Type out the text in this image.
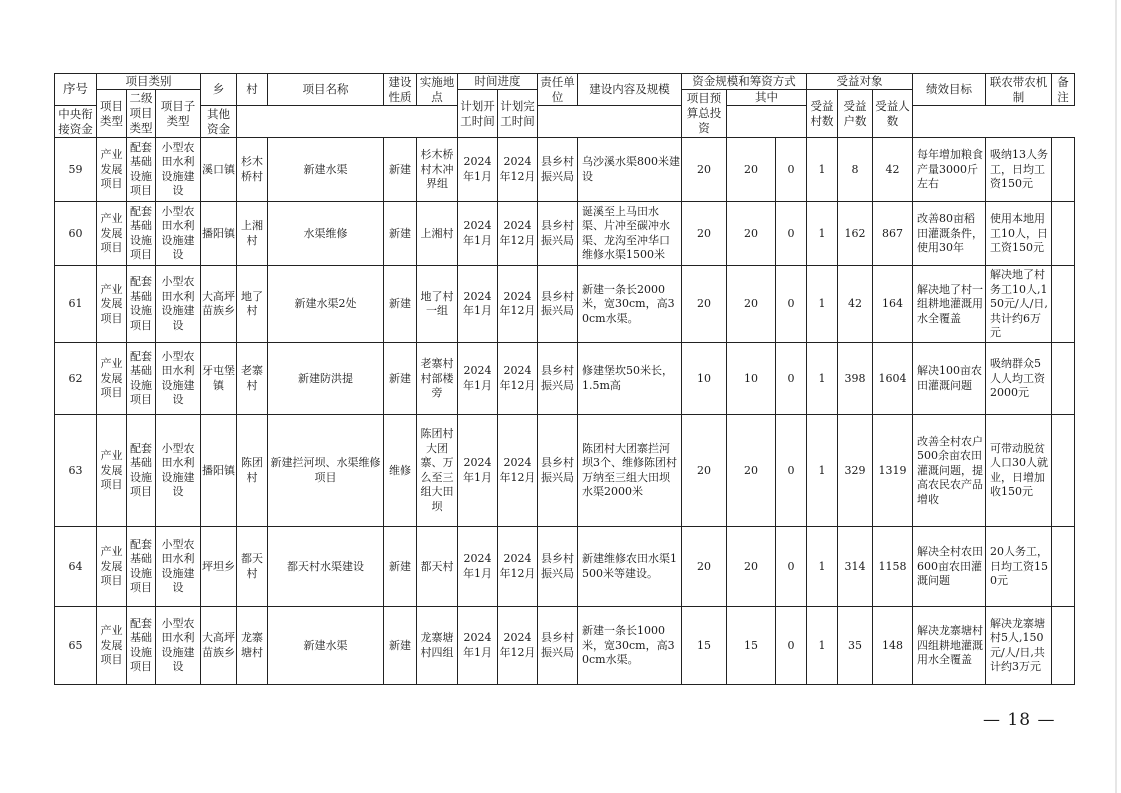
序号	项目类别			乡	村	项目名称	建设性质	实施地点	时间进度		责任单位	建设内容及规模	资金规模和筹资方式			受益对象			绩效目标	联农带农机制	备注
	项目类型	二级项目类型	项目子类型						计划开工时间	计划完工时间			项目预算总投资	其中		受益村数	受益户数	受益人数			
中央衔接资金				其他资金																	
59	产业发展项目	配套基础设施项目	小型农田水利设施建设	溪口镇	杉木桥村	新建水渠	新建	杉木桥村木冲界组	2024年1月	2024年12月	县乡村振兴局	乌沙溪水渠800米建设	20	20	0	1	8	42	每年增加粮食产量3000斤左右	吸纳13人务工，日均工资150元	
60	产业发展项目	配套基础设施项目	小型农田水利设施建设	播阳镇	上湘村	水渠维修	新建	上湘村	2024年1月	2024年12月	县乡村振兴局	诞溪至上马田水渠、片冲至碳冲水渠、龙沟至冲华口维修水渠1500米	20	20	0	1	162	867	改善80亩稻田灌溉条件，使用30年	使用本地用工10人，日工资150元	
61	产业发展项目	配套基础设施项目	小型农田水利设施建设	大高坪苗族乡	地了村	新建水渠2处	新建	地了村一组	2024年1月	2024年12月	县乡村振兴局	新建一条长2000米，宽30cm，高30cm水渠。	20	20	0	1	42	164	解决地了村一组耕地灌溉用水全覆盖	解决地了村务工10人,150元/人/日,共计约6万元	
62	产业发展项目	配套基础设施项目	小型农田水利设施建设	牙屯堡镇	老寨村	新建防洪提	新建	老寨村村部楼旁	2024年1月	2024年12月	县乡村振兴局	修建堡坎50米长，1.5m高	10	10	0	1	398	1604	解决100亩农田灌溉问题	吸纳群众5人人均工资2000元	
63	产业发展项目	配套基础设施项目	小型农田水利设施建设	播阳镇	陈团村	新建拦河坝、水渠维修项目	维修	陈团村大团寨、万么至三组大田坝	2024年1月	2024年12月	县乡村振兴局	陈团村大团寨拦河坝3个、维修陈团村万纳至三组大田坝水渠2000米	20	20	0	1	329	1319	改善全村农户500余亩农田灌溉问题，提高农民农产品增收	可带动脱贫人口30人就业，日增加收150元	
64	产业发展项目	配套基础设施项目	小型农田水利设施建设	坪坦乡	都天村	都天村水渠建设	新建	都天村	2024年1月	2024年12月	县乡村振兴局	新建维修农田水渠1500米等建设。	20	20	0	1	314	1158	解决全村农田600亩农田灌溉问题	20人务工，日均工资150元	
65	产业发展项目	配套基础设施项目	小型农田水利设施建设	大高坪苗族乡	龙寨塘村	新建水渠	新建	龙寨塘村四组	2024年1月	2024年12月	县乡村振兴局	新建一条长1000米，宽30cm，高30cm水渠。	15	15	0	1	35	148	解决龙寨塘村四组耕地灌溉用水全覆盖	解决龙寨塘村5人,150元/人/日,共计约3万元	
— 18 —
